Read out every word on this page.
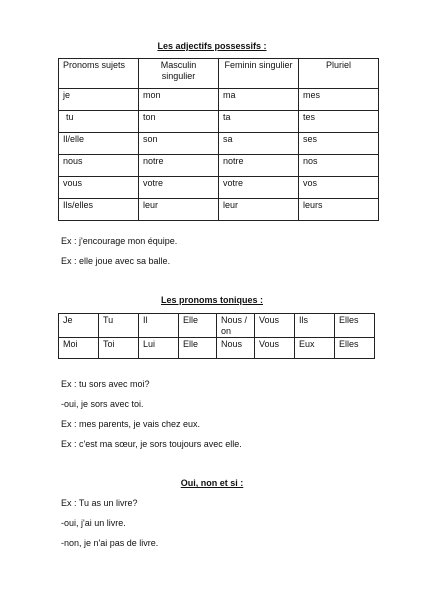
Les adjectifs possessifs :
Pronoms sujets	Masculin singulier	Feminin singulier	Pluriel
je	mon	ma	mes
tu	ton	ta	tes
Il/elle	son	sa	ses
nous	notre	notre	nos
vous	votre	votre	vos
Ils/elles	leur	leur	leurs
Ex : j'encourage mon équipe.
Ex : elle joue avec sa balle.
Les pronoms toniques :
Je	Tu	Il	Elle	Nous / on	Vous	Ils	Elles
Moi	Toi	Lui	Elle	Nous	Vous	Eux	Elles
Ex : tu sors avec moi?
-oui, je sors avec toi.
Ex : mes parents, je vais chez eux.
Ex : c'est ma sœur, je sors toujours avec elle.
Oui, non et si :
Ex : Tu as un livre?
-oui, j'ai un livre.
-non, je n'ai pas de livre.
